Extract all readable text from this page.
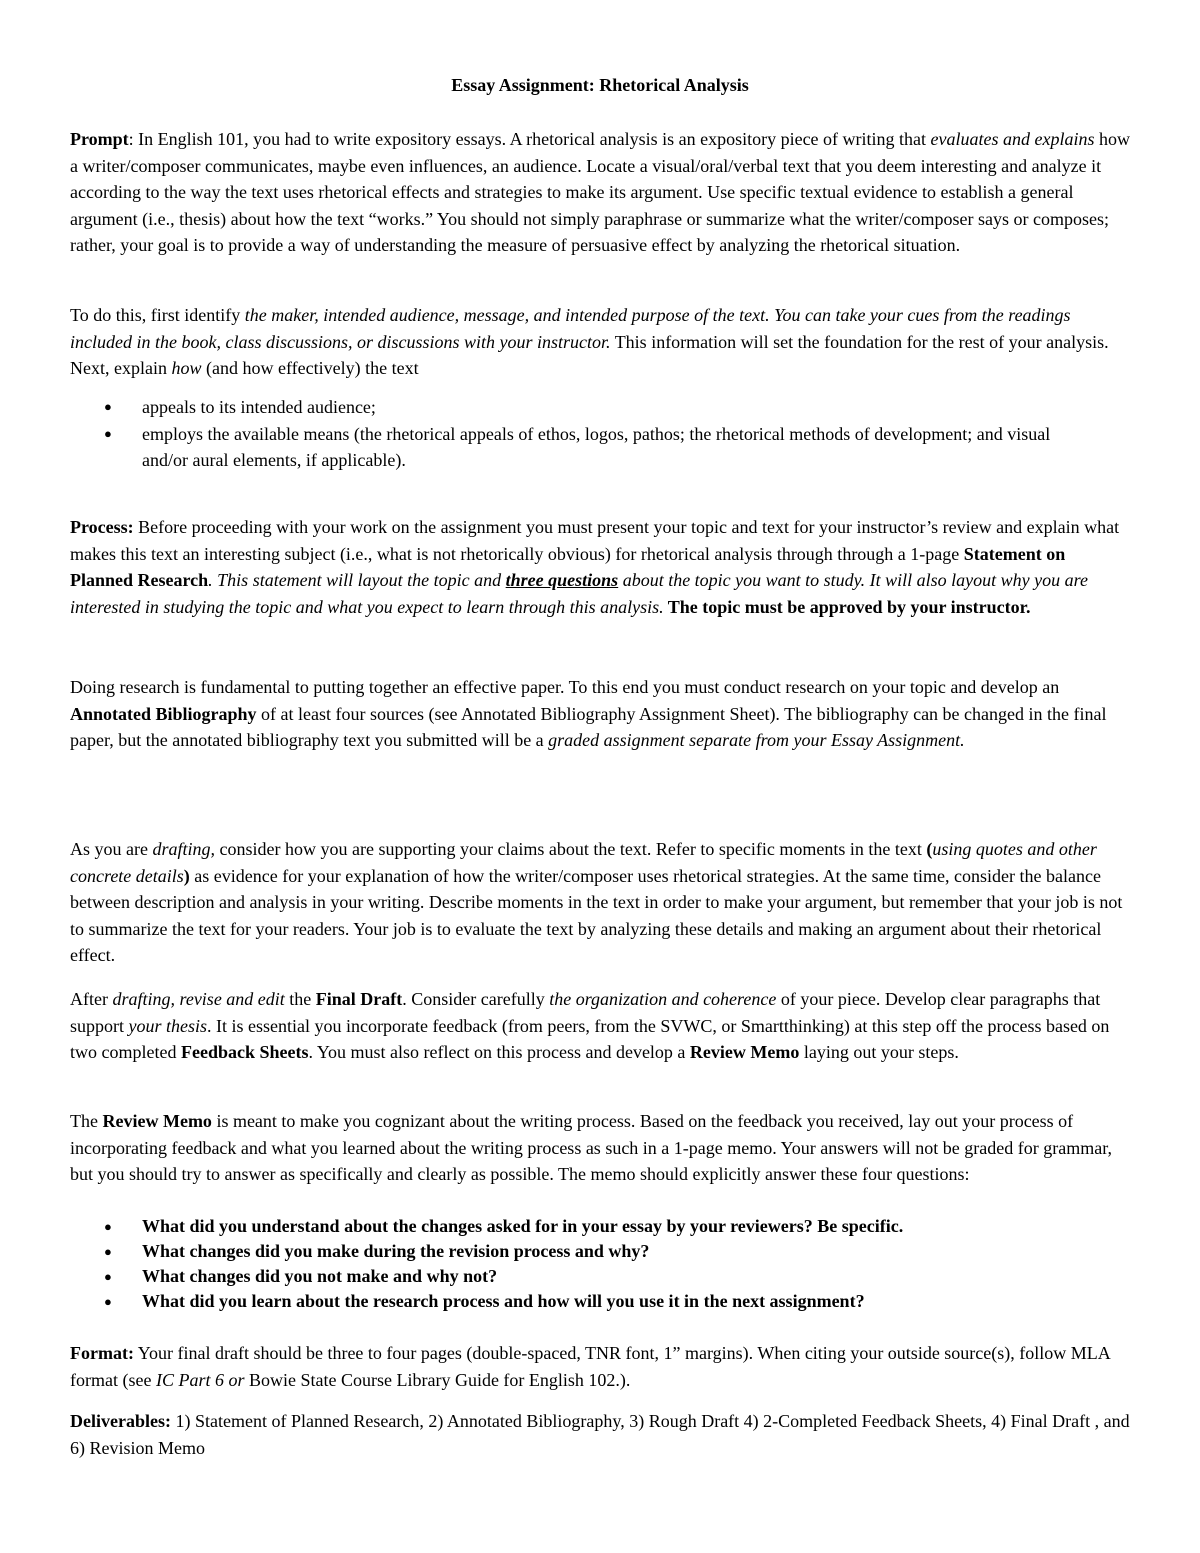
Essay Assignment: Rhetorical Analysis

Prompt: In English 101, you had to write expository essays. A rhetorical analysis is an expository piece of writing that evaluates and explains how a writer/composer communicates, maybe even influences, an audience. Locate a visual/oral/verbal text that you deem interesting and analyze it according to the way the text uses rhetorical effects and strategies to make its argument. Use specific textual evidence to establish a general argument (i.e., thesis) about how the text “works.” You should not simply paraphrase or summarize what the writer/composer says or composes; rather, your goal is to provide a way of understanding the measure of persuasive effect by analyzing the rhetorical situation.

To do this, first identify the maker, intended audience, message, and intended purpose of the text. You can take your cues from the readings included in the book, class discussions, or discussions with your instructor. This information will set the foundation for the rest of your analysis. Next, explain how (and how effectively) the text

● appeals to its intended audience;
● employs the available means (the rhetorical appeals of ethos, logos, pathos; the rhetorical methods of development; and visual and/or aural elements, if applicable).

Process: Before proceeding with your work on the assignment you must present your topic and text for your instructor’s review and explain what makes this text an interesting subject (i.e., what is not rhetorically obvious) for rhetorical analysis through through a 1-page Statement on Planned Research. This statement will layout the topic and three questions about the topic you want to study. It will also layout why you are interested in studying the topic and what you expect to learn through this analysis. The topic must be approved by your instructor.

Doing research is fundamental to putting together an effective paper. To this end you must conduct research on your topic and develop an Annotated Bibliography of at least four sources (see Annotated Bibliography Assignment Sheet). The bibliography can be changed in the final paper, but the annotated bibliography text you submitted will be a graded assignment separate from your Essay Assignment.

As you are drafting, consider how you are supporting your claims about the text. Refer to specific moments in the text (using quotes and other concrete details) as evidence for your explanation of how the writer/composer uses rhetorical strategies. At the same time, consider the balance between description and analysis in your writing. Describe moments in the text in order to make your argument, but remember that your job is not to summarize the text for your readers. Your job is to evaluate the text by analyzing these details and making an argument about their rhetorical effect.

After drafting, revise and edit the Final Draft. Consider carefully the organization and coherence of your piece. Develop clear paragraphs that support your thesis. It is essential you incorporate feedback (from peers, from the SVWC, or Smartthinking) at this step off the process based on two completed Feedback Sheets. You must also reflect on this process and develop a Review Memo laying out your steps.

The Review Memo is meant to make you cognizant about the writing process. Based on the feedback you received, lay out your process of incorporating feedback and what you learned about the writing process as such in a 1-page memo. Your answers will not be graded for grammar, but you should try to answer as specifically and clearly as possible. The memo should explicitly answer these four questions:

● What did you understand about the changes asked for in your essay by your reviewers? Be specific.
● What changes did you make during the revision process and why?
● What changes did you not make and why not?
● What did you learn about the research process and how will you use it in the next assignment?

Format: Your final draft should be three to four pages (double-spaced, TNR font, 1” margins). When citing your outside source(s), follow MLA format (see IC Part 6 or Bowie State Course Library Guide for English 102.).

Deliverables: 1) Statement of Planned Research, 2) Annotated Bibliography, 3) Rough Draft 4) 2-Completed Feedback Sheets, 4) Final Draft , and 6) Revision Memo
